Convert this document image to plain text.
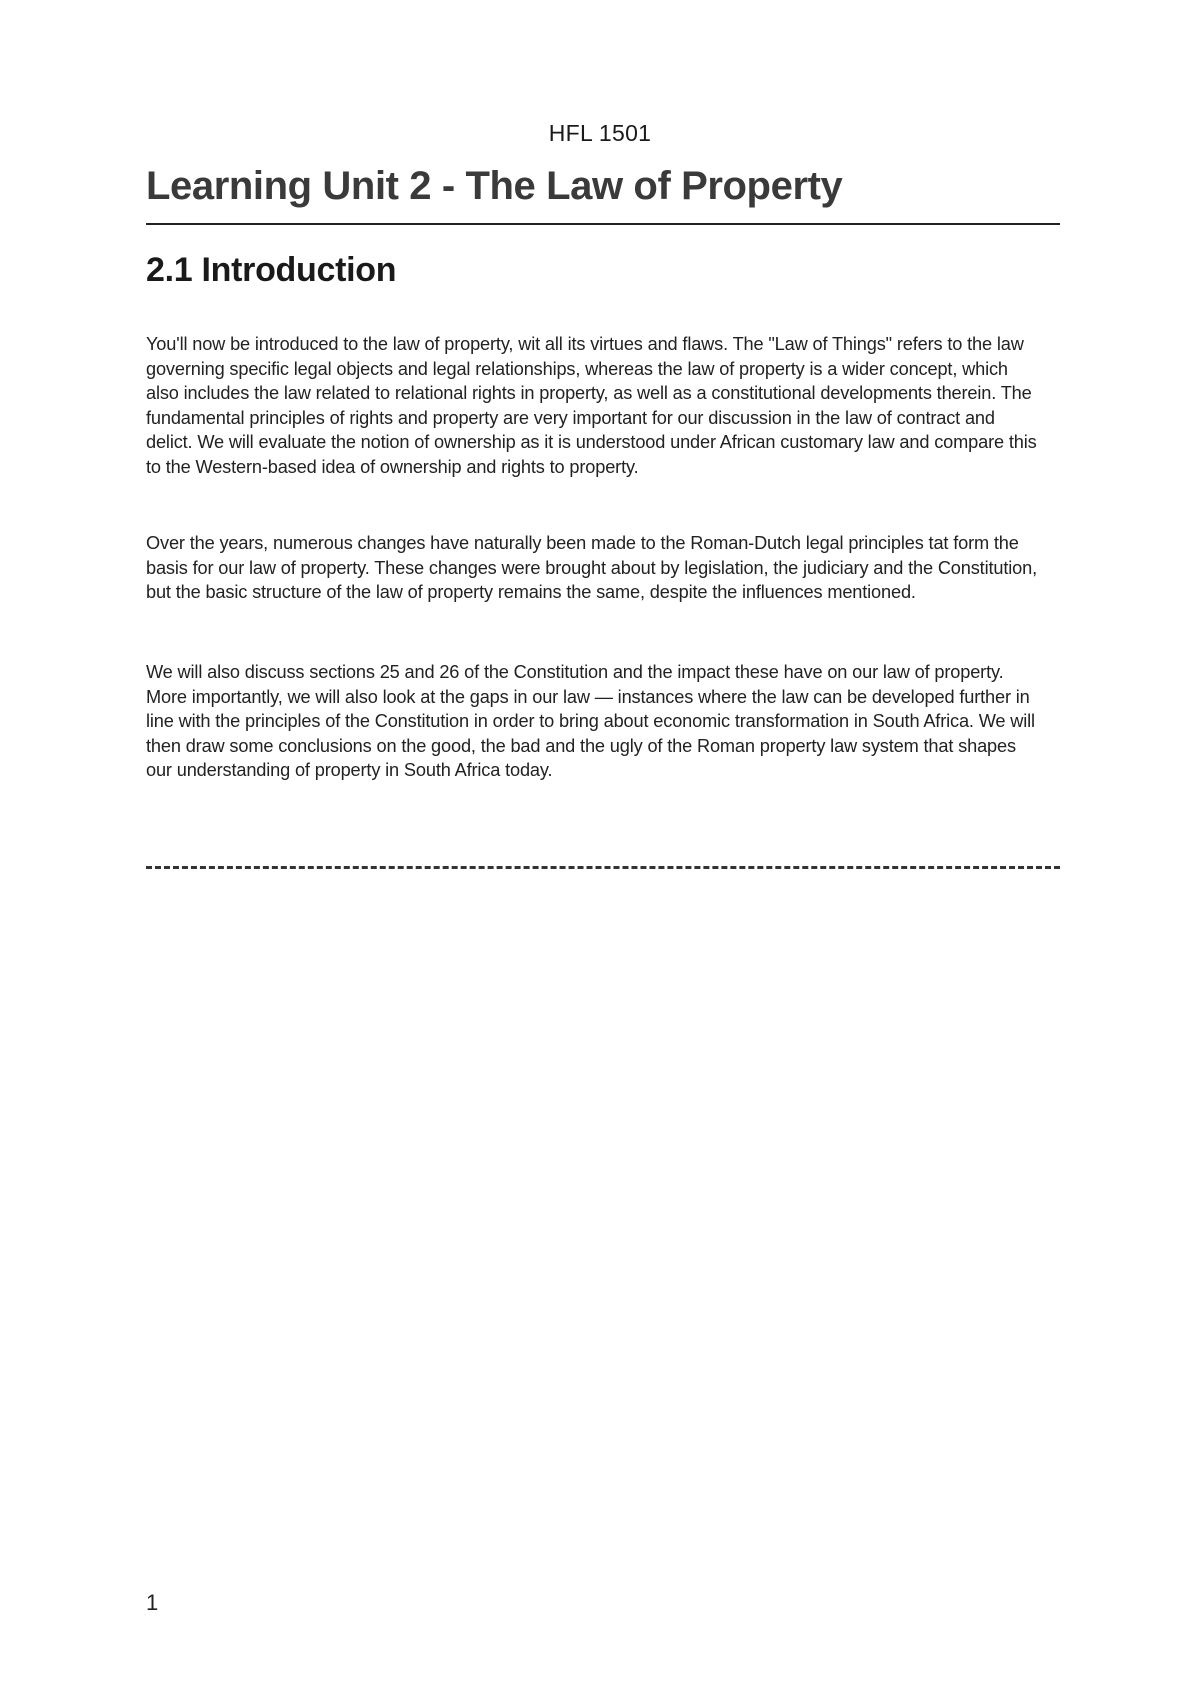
HFL 1501
Learning Unit 2 - The Law of Property
2.1 Introduction

You'll now be introduced to the law of property, wit all its virtues and flaws. The "Law of Things" refers to the law
governing specific legal objects and legal relationships, whereas the law of property is a wider concept, which
also includes the law related to relational rights in property, as well as a constitutional developments therein. The
fundamental principles of rights and property are very important for our discussion in the law of contract and
delict. We will evaluate the notion of ownership as it is understood under African customary law and compare this
to the Western-based idea of ownership and rights to property.

Over the years, numerous changes have naturally been made to the Roman-Dutch legal principles tat form the
basis for our law of property. These changes were brought about by legislation, the judiciary and the Constitution,
but the basic structure of the law of property remains the same, despite the influences mentioned.

We will also discuss sections 25 and 26 of the Constitution and the impact these have on our law of property.
More importantly, we will also look at the gaps in our law — instances where the law can be developed further in
line with the principles of the Constitution in order to bring about economic transformation in South Africa. We will
then draw some conclusions on the good, the bad and the ugly of the Roman property law system that shapes
our understanding of property in South Africa today.

1
